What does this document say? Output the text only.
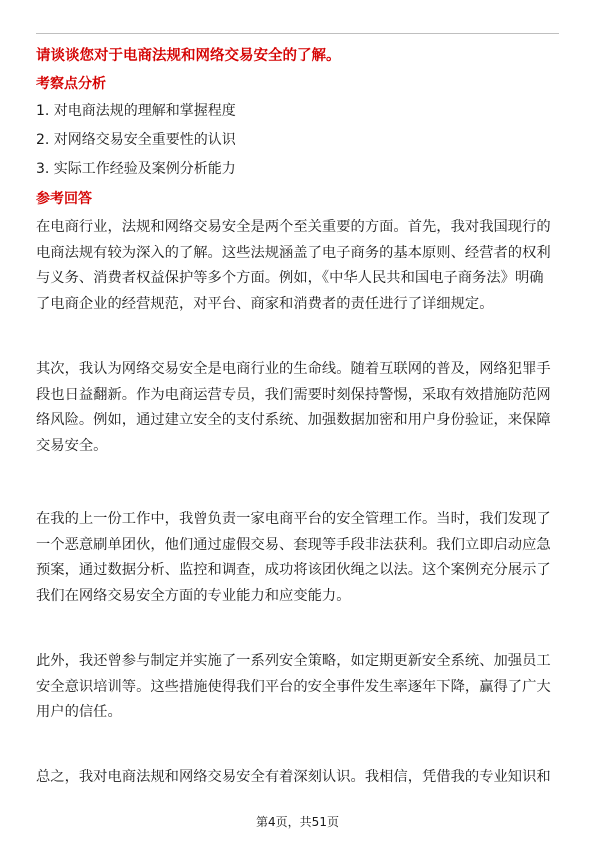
请谈谈您对于电商法规和网络交易安全的了解。
考察点分析
1. 对电商法规的理解和掌握程度
2. 对网络交易安全重要性的认识
3. 实际工作经验及案例分析能力
参考回答
在电商行业，法规和网络交易安全是两个至关重要的方面。首先，我对我国现行的
电商法规有较为深入的了解。这些法规涵盖了电子商务的基本原则、经营者的权利
与义务、消费者权益保护等多个方面。例如，《中华人民共和国电子商务法》明确
了电商企业的经营规范，对平台、商家和消费者的责任进行了详细规定。
其次，我认为网络交易安全是电商行业的生命线。随着互联网的普及，网络犯罪手
段也日益翻新。作为电商运营专员，我们需要时刻保持警惕，采取有效措施防范网
络风险。例如，通过建立安全的支付系统、加强数据加密和用户身份验证，来保障
交易安全。
在我的上一份工作中，我曾负责一家电商平台的安全管理工作。当时，我们发现了
一个恶意刷单团伙，他们通过虚假交易、套现等手段非法获利。我们立即启动应急
预案，通过数据分析、监控和调查，成功将该团伙绳之以法。这个案例充分展示了
我们在网络交易安全方面的专业能力和应变能力。
此外，我还曾参与制定并实施了一系列安全策略，如定期更新安全系统、加强员工
安全意识培训等。这些措施使得我们平台的安全事件发生率逐年下降，赢得了广大
用户的信任。
总之，我对电商法规和网络交易安全有着深刻认识。我相信，凭借我的专业知识和
第4页，共51页
